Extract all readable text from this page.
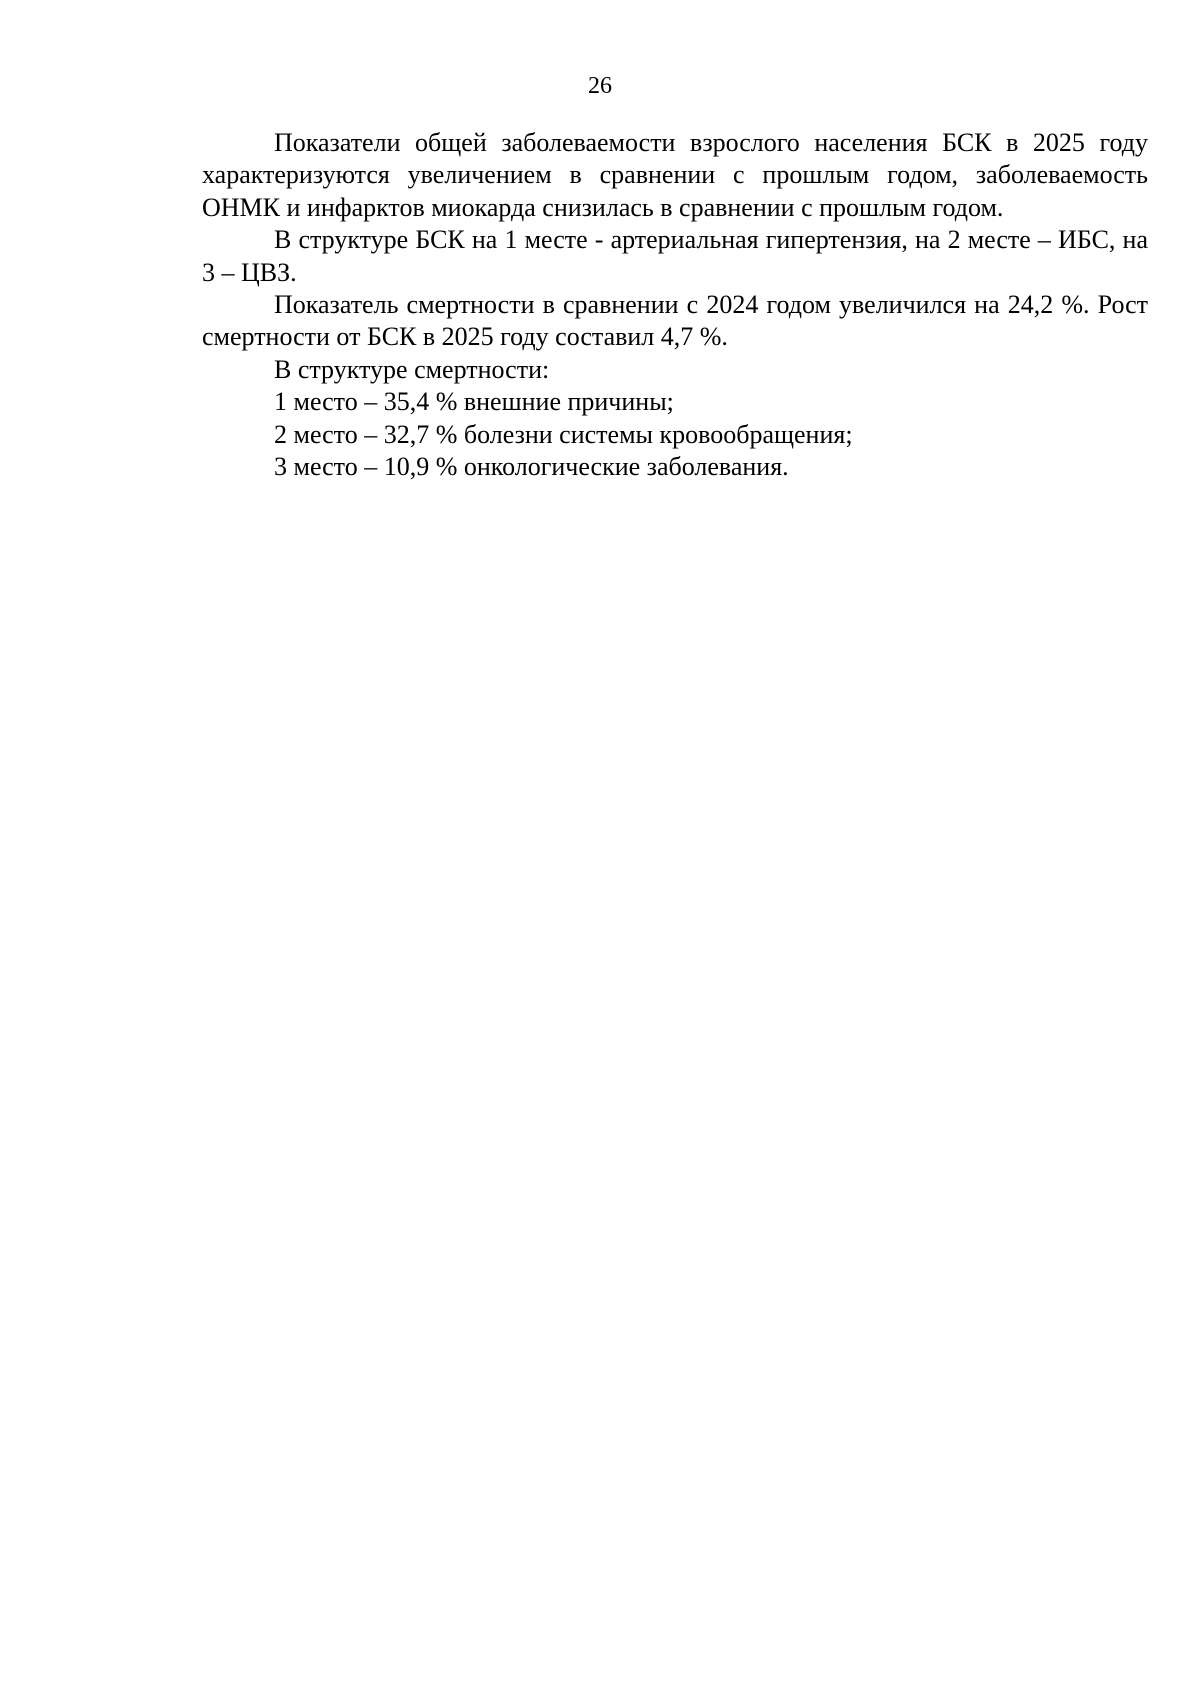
26

Показатели общей заболеваемости взрослого населения БСК в 2025 году характеризуются увеличением в сравнении с прошлым годом, заболеваемость ОНМК и инфарктов миокарда снизилась в сравнении с прошлым годом.

В структуре БСК на 1 месте - артериальная гипертензия, на 2 месте – ИБС, на 3 – ЦВЗ.

Показатель смертности в сравнении с 2024 годом увеличился на 24,2 %. Рост смертности от БСК в 2025 году составил 4,7 %.

В структуре смертности:

1 место – 35,4 % внешние причины;

2 место – 32,7 % болезни системы кровообращения;

3 место – 10,9 % онкологические заболевания.
